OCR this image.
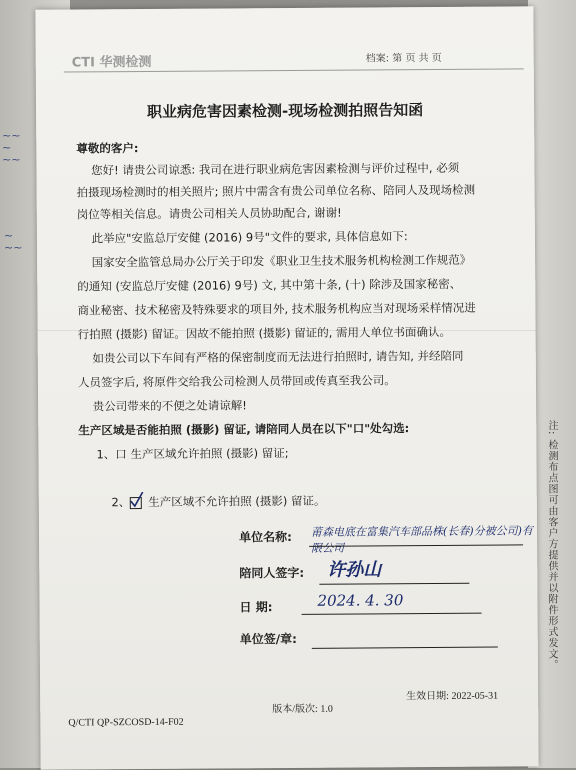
~~
~
~~
~
~~
注: 检测布点图可由客户方提供并以附件形式发文。
CTI 华测检测	档案: 第 页 共 页
职业病危害因素检测-现场检测拍照告知函
尊敬的客户:
您好! 请贵公司谅悉: 我司在进行职业病危害因素检测与评价过程中, 必须
拍摄现场检测时的相关照片; 照片中需含有贵公司单位名称、陪同人及现场检测
岗位等相关信息。请贵公司相关人员协助配合, 谢谢!
此举应"安监总厅安健 (2016) 9号"文件的要求, 具体信息如下:
国家安全监管总局办公厅关于印发《职业卫生技术服务机构检测工作规范》
的通知 (安监总厅安健 (2016) 9号) 文, 其中第十条, (十) 除涉及国家秘密、
商业秘密、技术秘密及特殊要求的项目外, 技术服务机构应当对现场采样情况进
行拍照 (摄影) 留证。因故不能拍照 (摄影) 留证的, 需用人单位书面确认。
如贵公司以下车间有严格的保密制度而无法进行拍照时, 请告知, 并经陪同
人员签字后, 将原件交给我公司检测人员带回或传真至我公司。
贵公司带来的不便之处请谅解!
生产区域是否能拍照 (摄影) 留证, 请陪同人员在以下"口"处勾选:
1、口 生产区域允许拍照 (摄影) 留证;

2、 生产区域不允许拍照 (摄影) 留证。

单位名称: 莆森电底在富集汽车部品株(长春)分被公司)有限公司
陪同人签字: 许孙山
日 期:	2024. 4. 30
单位签/章:
生效日期: 2022-05-31
版本/版次: 1.0
Q/CTI QP-SZCOSD-14-F02
